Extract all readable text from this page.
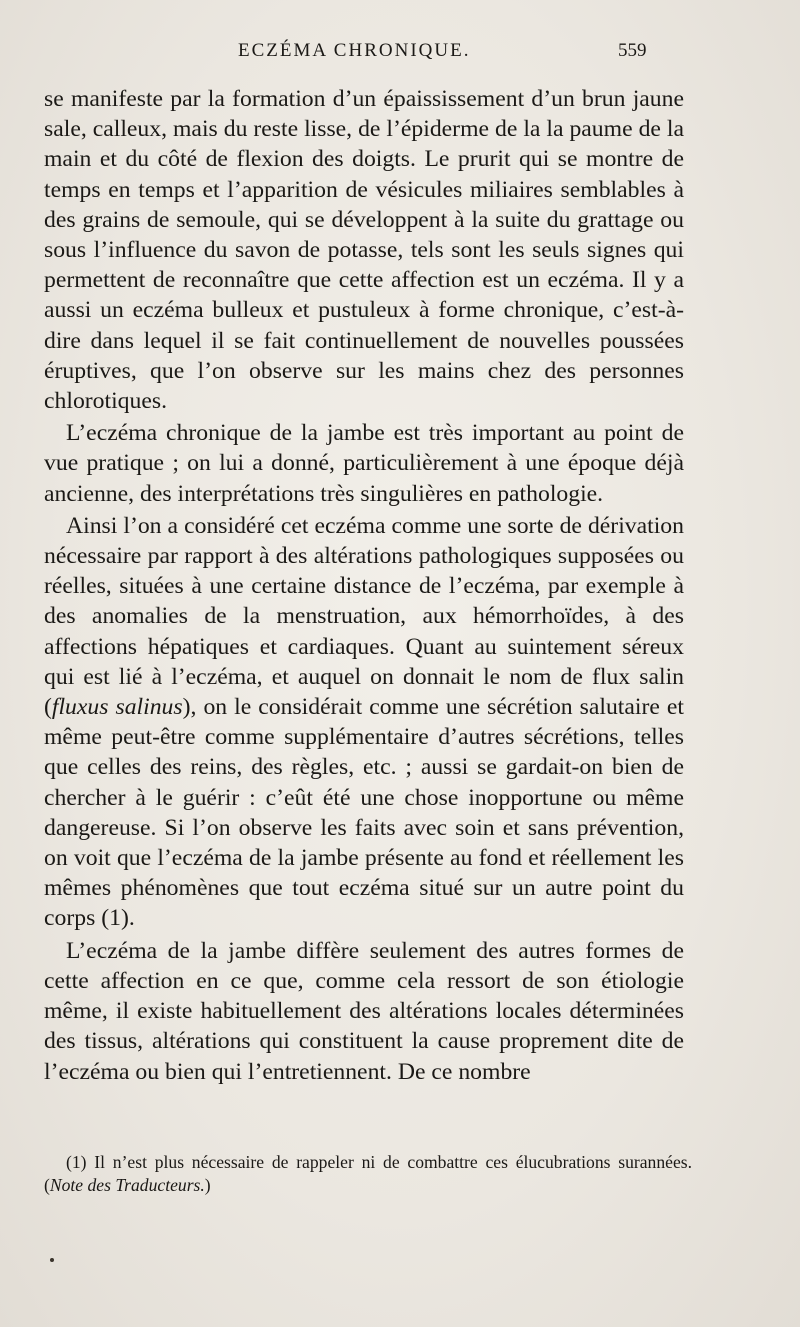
ECZÉMA CHRONIQUE.	559

se manifeste par la formation d’un épaississement d’un brun jaune sale, calleux, mais du reste lisse, de l’épiderme de la la paume de la main et du côté de flexion des doigts. Le prurit qui se montre de temps en temps et l’apparition de vésicules miliaires semblables à des grains de semoule, qui se développent à la suite du grattage ou sous l’influence du savon de potasse, tels sont les seuls signes qui permettent de reconnaître que cette affection est un eczéma. Il y a aussi un eczéma bulleux et pustuleux à forme chronique, c’est-à-dire dans lequel il se fait continuellement de nouvelles poussées éruptives, que l’on observe sur les mains chez des personnes chlorotiques.

L’eczéma chronique de la jambe est très important au point de vue pratique ; on lui a donné, particulièrement à une époque déjà ancienne, des interprétations très singulières en pathologie.

Ainsi l’on a considéré cet eczéma comme une sorte de dérivation nécessaire par rapport à des altérations pathologiques supposées ou réelles, situées à une certaine distance de l’eczéma, par exemple à des anomalies de la menstruation, aux hémorrhoïdes, à des affections hépatiques et cardiaques. Quant au suintement séreux qui est lié à l’eczéma, et auquel on donnait le nom de flux salin (fluxus salinus), on le considérait comme une sécrétion salutaire et même peut-être comme supplémentaire d’autres sécrétions, telles que celles des reins, des règles, etc. ; aussi se gardait-on bien de chercher à le guérir : c’eût été une chose inopportune ou même dangereuse. Si l’on observe les faits avec soin et sans prévention, on voit que l’eczéma de la jambe présente au fond et réellement les mêmes phénomènes que tout eczéma situé sur un autre point du corps (1).

L’eczéma de la jambe diffère seulement des autres formes de cette affection en ce que, comme cela ressort de son étiologie même, il existe habituellement des altérations locales déterminées des tissus, altérations qui constituent la cause proprement dite de l’eczéma ou bien qui l’entretiennent. De ce nombre

(1) Il n’est plus nécessaire de rappeler ni de combattre ces élucubrations surannées. (Note des Traducteurs.)
